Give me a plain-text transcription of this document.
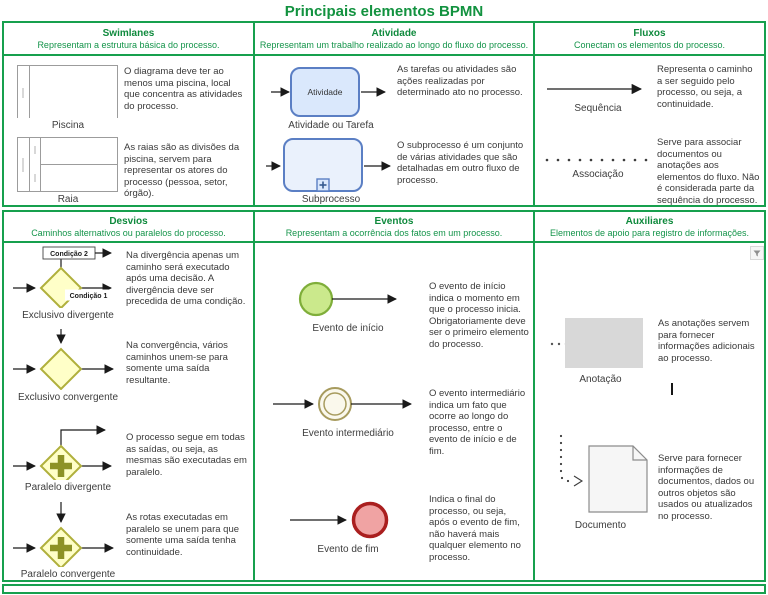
Principais elementos BPMN
Swimlanes
Representam a estrutura básica do processo.
Piscina
O diagrama deve ter ao menos uma piscina, local que concentra as atividades do processo.
Raia
As raias são as divisões da piscina, servem para representar os atores do processo (pessoa, setor, órgão).
Atividade
Representam um trabalho realizado ao longo do fluxo do processo.
Atividade
Atividade ou Tarefa
As tarefas ou atividades são ações realizadas por determinado ato no processo.
Subprocesso
O subprocesso é um conjunto de várias atividades que são detalhadas em outro fluxo de processo.
Fluxos
Conectam os elementos do processo.
Sequência
Representa o caminho a ser seguido pelo processo, ou seja, a continuidade.
Associação
Serve para associar documentos ou anotações aos elementos do fluxo. Não é considerada parte da sequência do processo.
Desvios
Caminhos alternativos ou paralelos do processo.
Condição 2
Condição 1
Exclusivo divergente
Na divergência apenas um caminho será executado após uma decisão. A divergência deve ser precedida de uma condição.
Exclusivo convergente
Na convergência, vários caminhos unem-se para somente uma saída resultante.
Paralelo divergente
O processo segue em todas as saídas, ou seja, as mesmas são executadas em paralelo.
Paralelo convergente
As rotas executadas em paralelo se unem para que somente uma saída tenha continuidade.
Eventos
Representam a ocorrência dos fatos em um processo.
Evento de início
O evento de início indica o momento em que o processo inicia. Obrigatoriamente deve ser o primeiro elemento do processo.
Evento intermediário
O evento intermediário indica um fato que ocorre ao longo do processo, entre o evento de início e de fim.
Evento de fim
Indica o final do processo, ou seja, após o evento de fim, não haverá mais qualquer elemento no processo.
Auxiliares
Elementos de apoio para registro de informações.
Anotação
As anotações servem para fornecer informações adicionais ao processo.
Documento
Serve para fornecer informações de documentos, dados ou outros objetos são usados ou atualizados no processo.
